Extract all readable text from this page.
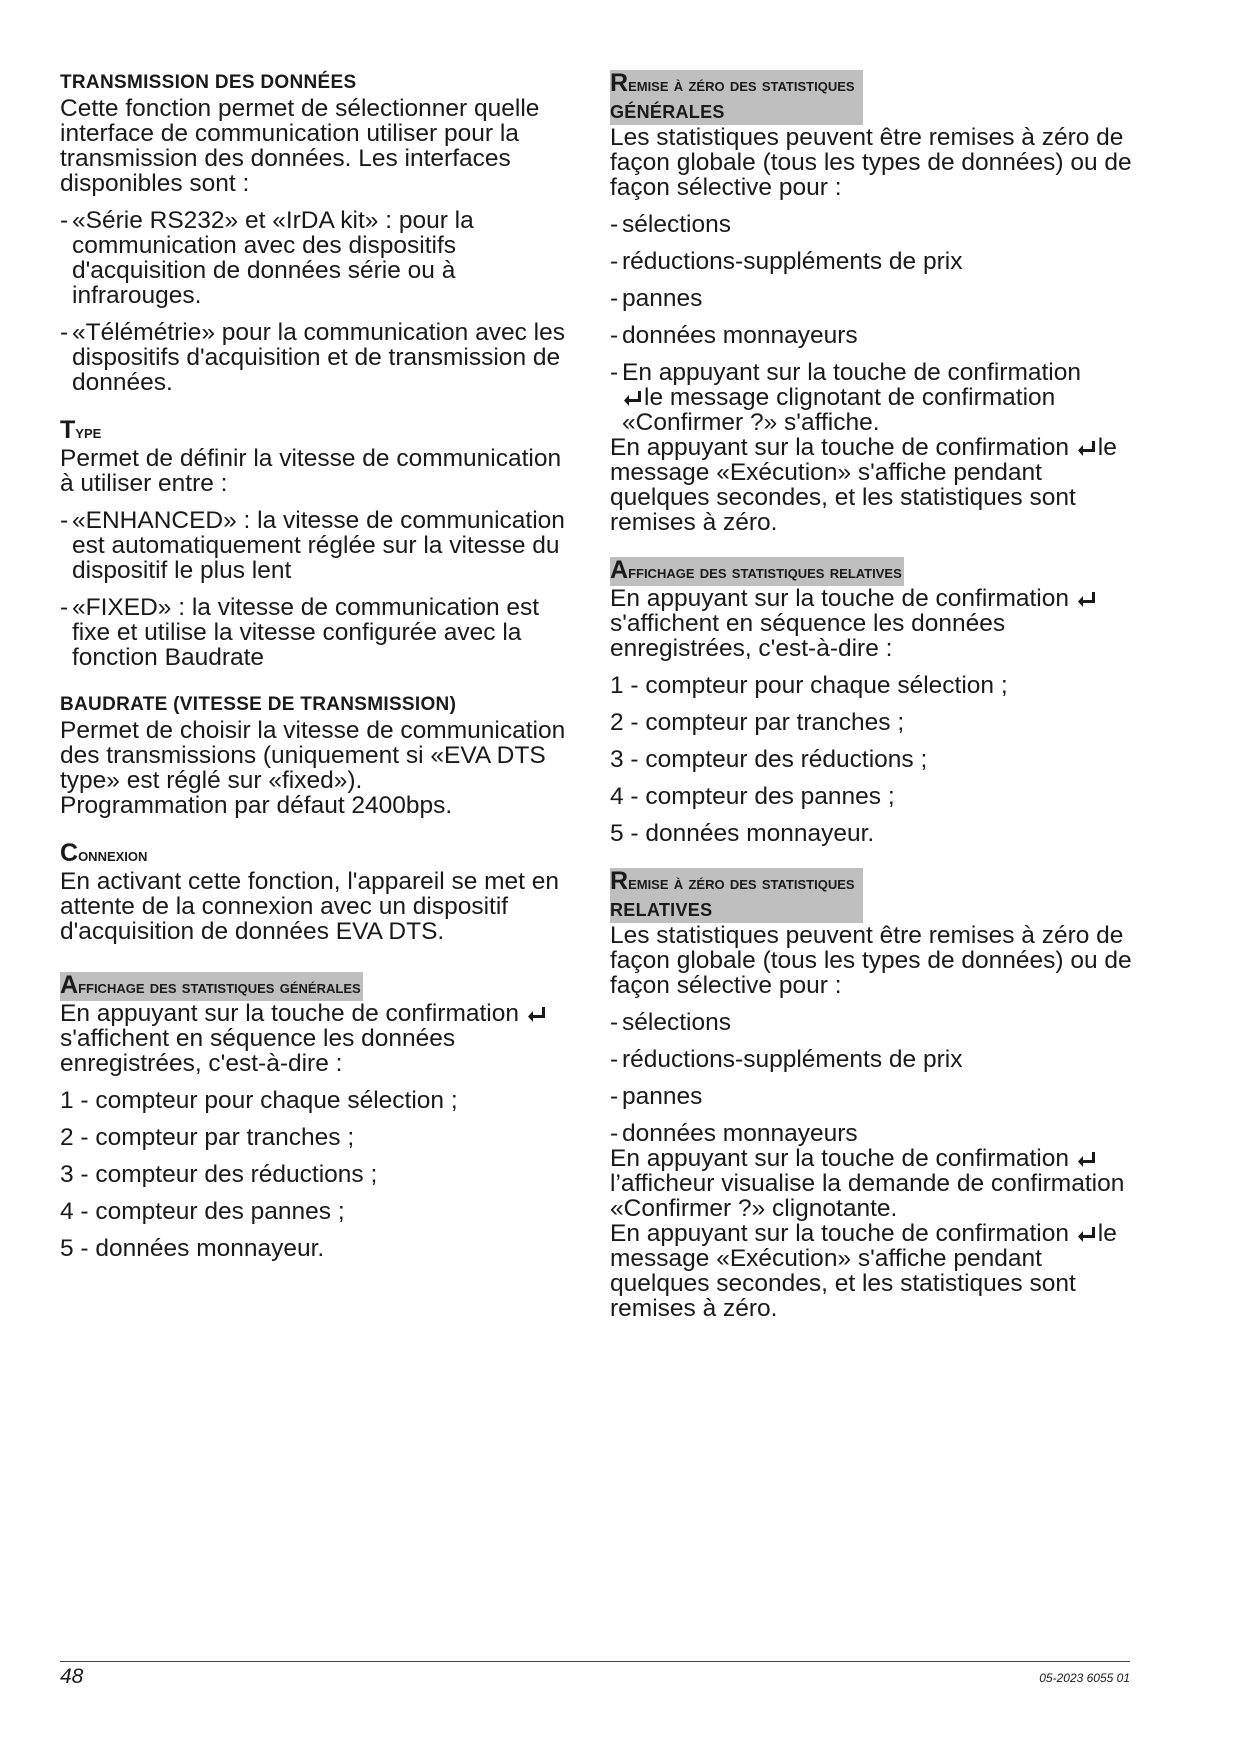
TRANSMISSION DES DONNÉES

Cette fonction permet de sélectionner quelle interface de communication utiliser pour la transmission des données. Les interfaces disponibles sont :

- «Série RS232» et «IrDA kit» : pour la communication avec des dispositifs d'acquisition de données série ou à infrarouges.
- «Télémétrie» pour la communication avec les dispositifs d'acquisition et de transmission de données.
Type

Permet de définir la vitesse de communication

à utiliser entre :

- «ENHANCED» : la vitesse de communication est automatiquement réglée sur la vitesse du dispositif le plus lent
- «FIXED» : la vitesse de communication est fixe et utilise la vitesse configurée avec la fonction Baudrate
BAUDRATE (VITESSE DE TRANSMISSION)

Permet de choisir la vitesse de communication des transmissions (uniquement si «EVA DTS type» est réglé sur «fixed»).

Programmation par défaut 2400bps.

Connexion

En activant cette fonction, l'appareil se met en attente de la connexion avec un dispositif d'acquisition de données EVA DTS.

Affichage des statistiques générales

En appuyant sur la touche de confirmation s'affichent en séquence les données enregistrées, c'est-à-dire :

1 - compteur pour chaque sélection ;
2 - compteur par tranches ;
3 - compteur des réductions ;
4 - compteur des pannes ;
5 - données monnayeur.
Remise à zéro des statistiques
GÉNÉRALES

Les statistiques peuvent être remises à zéro de façon globale (tous les types de données) ou de façon sélective pour :

- sélections
- réductions-suppléments de prix
- pannes
- données monnayeurs
- En appuyant sur la touche de confirmation
le message clignotant de confirmation «Confirmer ?» s'affiche.

En appuyant sur la touche de confirmation le message «Exécution» s'affiche pendant quelques secondes, et les statistiques sont remises à zéro.

Affichage des statistiques relatives

En appuyant sur la touche de confirmation s'affichent en séquence les données enregistrées, c'est-à-dire :

1 - compteur pour chaque sélection ;
2 - compteur par tranches ;
3 - compteur des réductions ;
4 - compteur des pannes ;
5 - données monnayeur.
Remise à zéro des statistiques
RELATIVES

Les statistiques peuvent être remises à zéro de façon globale (tous les types de données) ou de façon sélective pour :

- sélections
- réductions-suppléments de prix
- pannes
- données monnayeurs

En appuyant sur la touche de confirmation l’afficheur visualise la demande de confirmation «Confirmer ?» clignotante.

En appuyant sur la touche de confirmation le message «Exécution» s'affiche pendant quelques secondes, et les statistiques sont remises à zéro.

48	05-2023 6055 01
